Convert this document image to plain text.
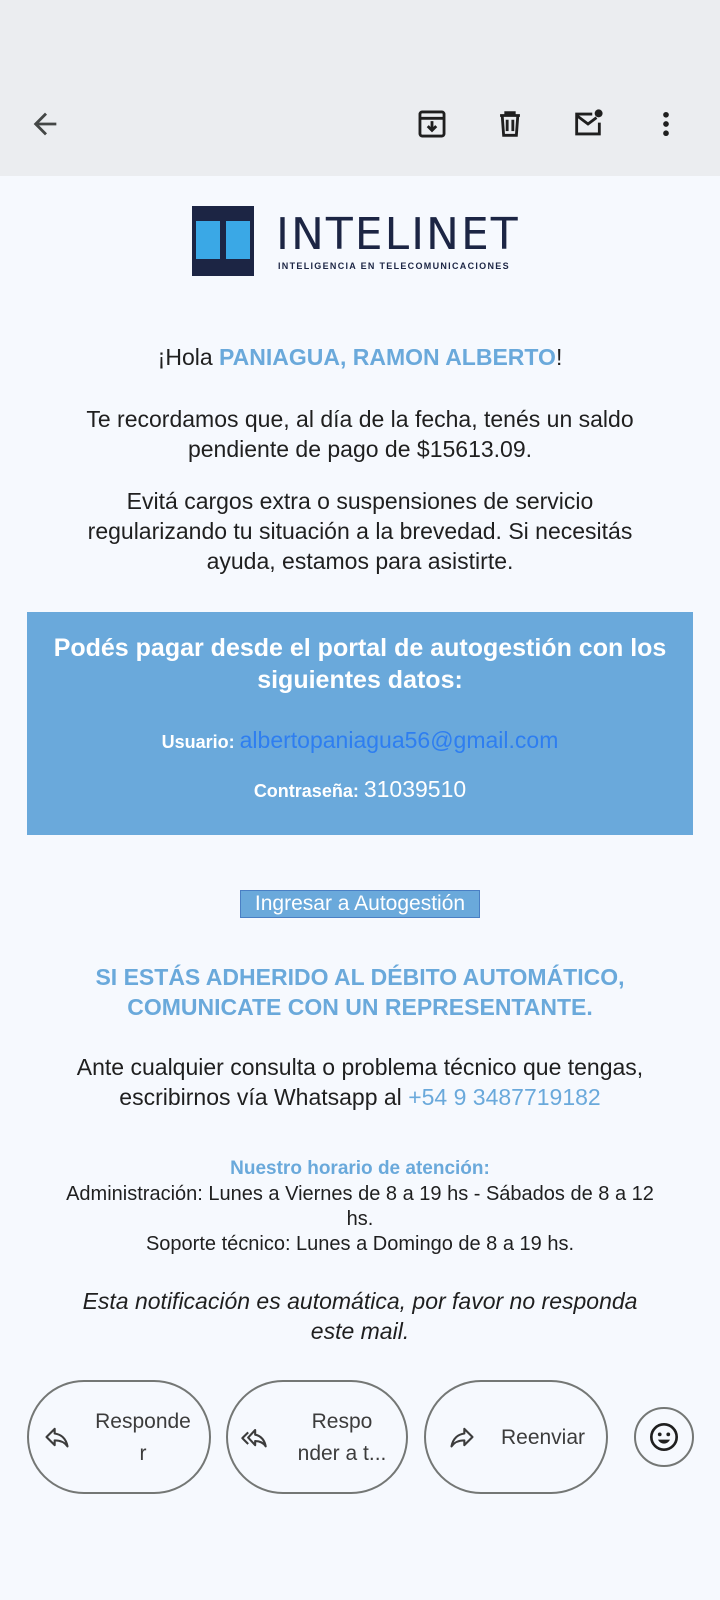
INTELINET
INTELIGENCIA EN TELECOMUNICACIONES
¡Hola PANIAGUA, RAMON ALBERTO!
Te recordamos que, al día de la fecha, tenés un saldo
pendiente de pago de $15613.09.
Evitá cargos extra o suspensiones de servicio
regularizando tu situación a la brevedad. Si necesitás
ayuda, estamos para asistirte.
Podés pagar desde el portal de autogestión con los
siguientes datos:
Usuario: albertopaniagua56@gmail.com
Contraseña: 31039510
Ingresar a Autogestión
SI ESTÁS ADHERIDO AL DÉBITO AUTOMÁTICO,
COMUNICATE CON UN REPRESENTANTE.
Ante cualquier consulta o problema técnico que tengas,
escribirnos vía Whatsapp al +54 9 3487719182
Nuestro horario de atención:
Administración: Lunes a Viernes de 8 a 19 hs - Sábados de 8 a 12
hs.
Soporte técnico: Lunes a Domingo de 8 a 19 hs.
Esta notificación es automática, por favor no responda
este mail.
Responde
r
Respo
nder a t...
Reenviar
